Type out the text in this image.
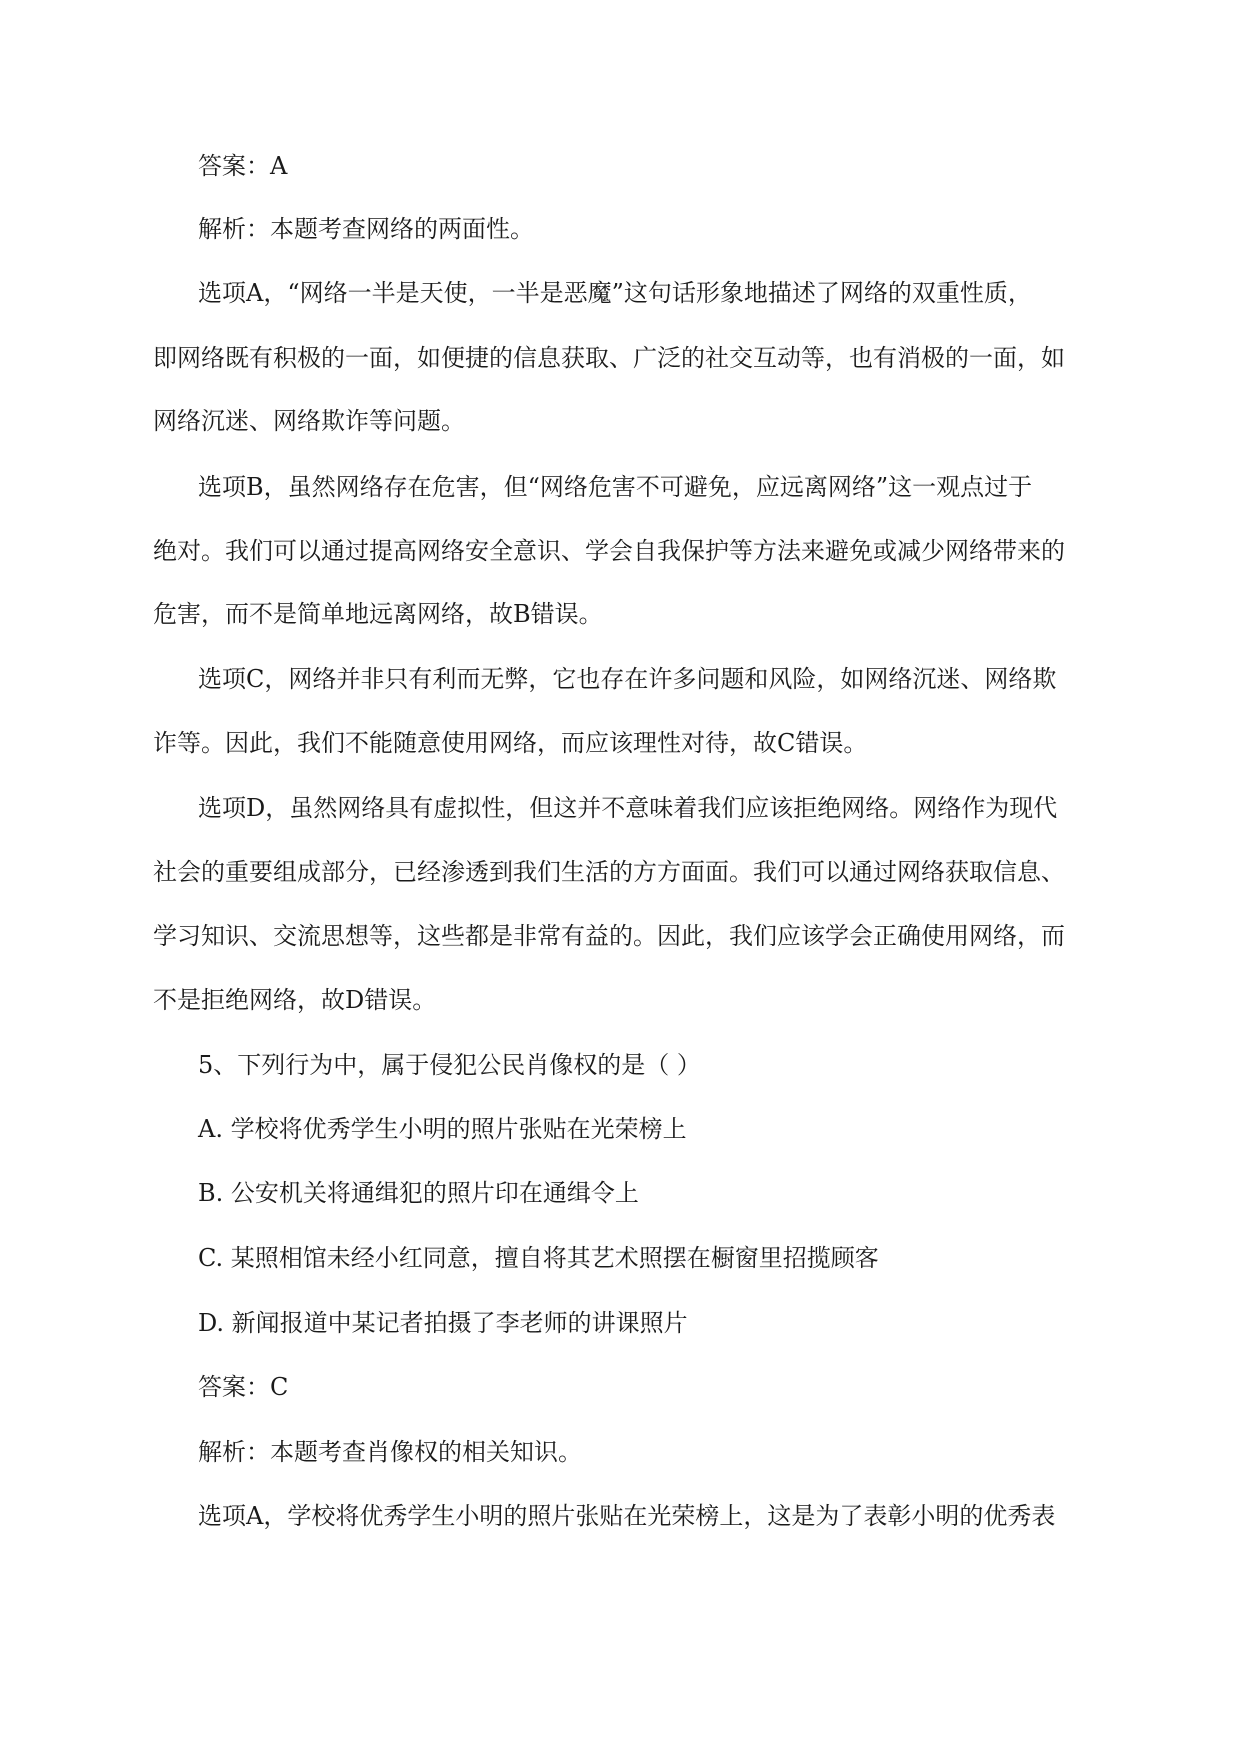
答案：A
解析：本题考查网络的两面性。
选项A，“网络一半是天使，一半是恶魔”这句话形象地描述了网络的双重性质，
即网络既有积极的一面，如便捷的信息获取、广泛的社交互动等，也有消极的一面，如
网络沉迷、网络欺诈等问题。
选项B，虽然网络存在危害，但“网络危害不可避免，应远离网络”这一观点过于
绝对。我们可以通过提高网络安全意识、学会自我保护等方法来避免或减少网络带来的
危害，而不是简单地远离网络，故B错误。
选项C，网络并非只有利而无弊，它也存在许多问题和风险，如网络沉迷、网络欺
诈等。因此，我们不能随意使用网络，而应该理性对待，故C错误。
选项D，虽然网络具有虚拟性，但这并不意味着我们应该拒绝网络。网络作为现代
社会的重要组成部分，已经渗透到我们生活的方方面面。我们可以通过网络获取信息、
学习知识、交流思想等，这些都是非常有益的。因此，我们应该学会正确使用网络，而
不是拒绝网络，故D错误。
5、下列行为中，属于侵犯公民肖像权的是（ ）
A. 学校将优秀学生小明的照片张贴在光荣榜上
B. 公安机关将通缉犯的照片印在通缉令上
C. 某照相馆未经小红同意，擅自将其艺术照摆在橱窗里招揽顾客
D. 新闻报道中某记者拍摄了李老师的讲课照片
答案：C
解析：本题考查肖像权的相关知识。
选项A，学校将优秀学生小明的照片张贴在光荣榜上，这是为了表彰小明的优秀表
